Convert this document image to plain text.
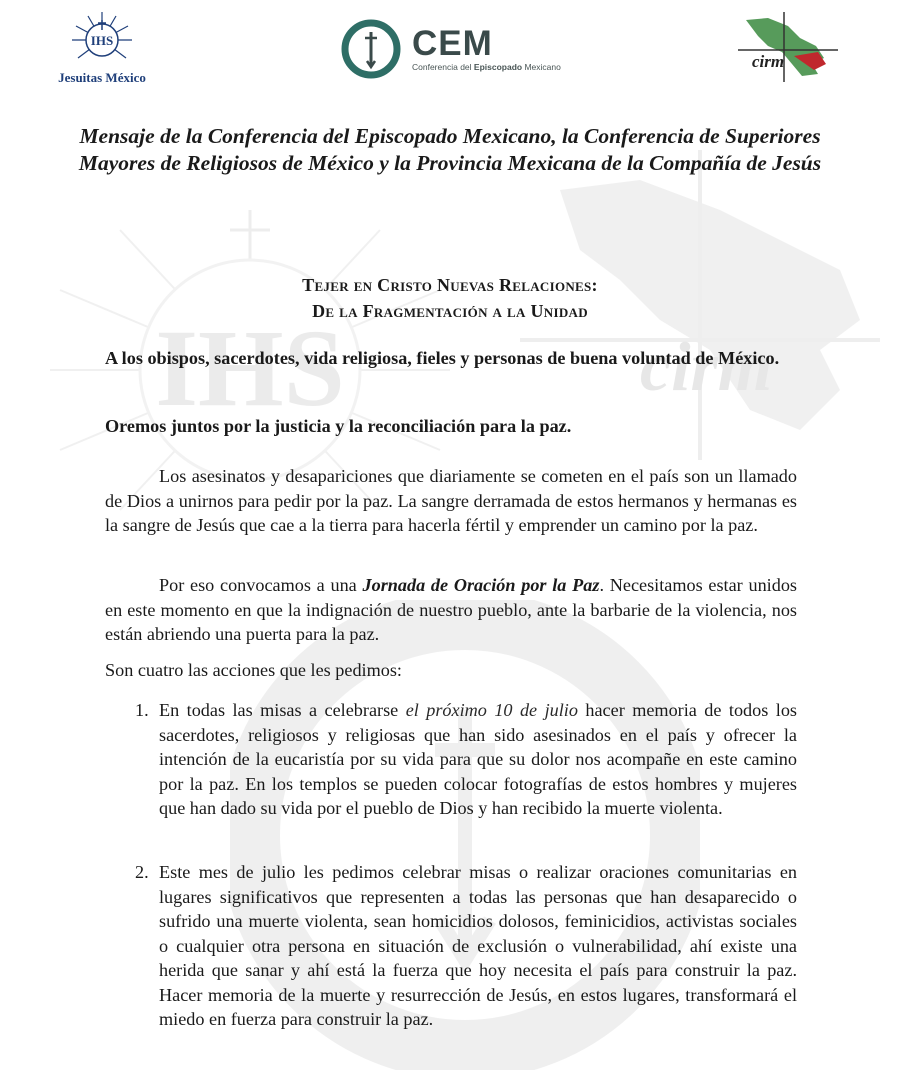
IHS	cirm
IHS
Jesuitas México
CEM
Conferencia del Episcopado Mexicano	cirm
Mensaje de la Conferencia del Episcopado Mexicano, la Conferencia de Superiores Mayores de Religiosos de México y la Provincia Mexicana de la Compañía de Jesús
Tejer en Cristo Nuevas Relaciones:
De la Fragmentación a la Unidad
A los obispos, sacerdotes, vida religiosa, fieles y personas de buena voluntad de México.
Oremos juntos por la justicia y la reconciliación para la paz.
Los asesinatos y desapariciones que diariamente se cometen en el país son un llamado de Dios a unirnos para pedir por la paz. La sangre derramada de estos hermanos y hermanas es la sangre de Jesús que cae a la tierra para hacerla fértil y emprender un camino por la paz.
Por eso convocamos a una Jornada de Oración por la Paz. Necesitamos estar unidos en este momento en que la indignación de nuestro pueblo, ante la barbarie de la violencia, nos están abriendo una puerta para la paz.
Son cuatro las acciones que les pedimos:
1. En todas las misas a celebrarse el próximo 10 de julio hacer memoria de todos los sacerdotes, religiosos y religiosas que han sido asesinados en el país y ofrecer la intención de la eucaristía por su vida para que su dolor nos acompañe en este camino por la paz. En los templos se pueden colocar fotografías de estos hombres y mujeres que han dado su vida por el pueblo de Dios y han recibido la muerte violenta.
2. Este mes de julio les pedimos celebrar misas o realizar oraciones comunitarias en lugares significativos que representen a todas las personas que han desaparecido o sufrido una muerte violenta, sean homicidios dolosos, feminicidios, activistas sociales o cualquier otra persona en situación de exclusión o vulnerabilidad, ahí existe una herida que sanar y ahí está la fuerza que hoy necesita el país para construir la paz. Hacer memoria de la muerte y resurrección de Jesús, en estos lugares, transformará el miedo en fuerza para construir la paz.
